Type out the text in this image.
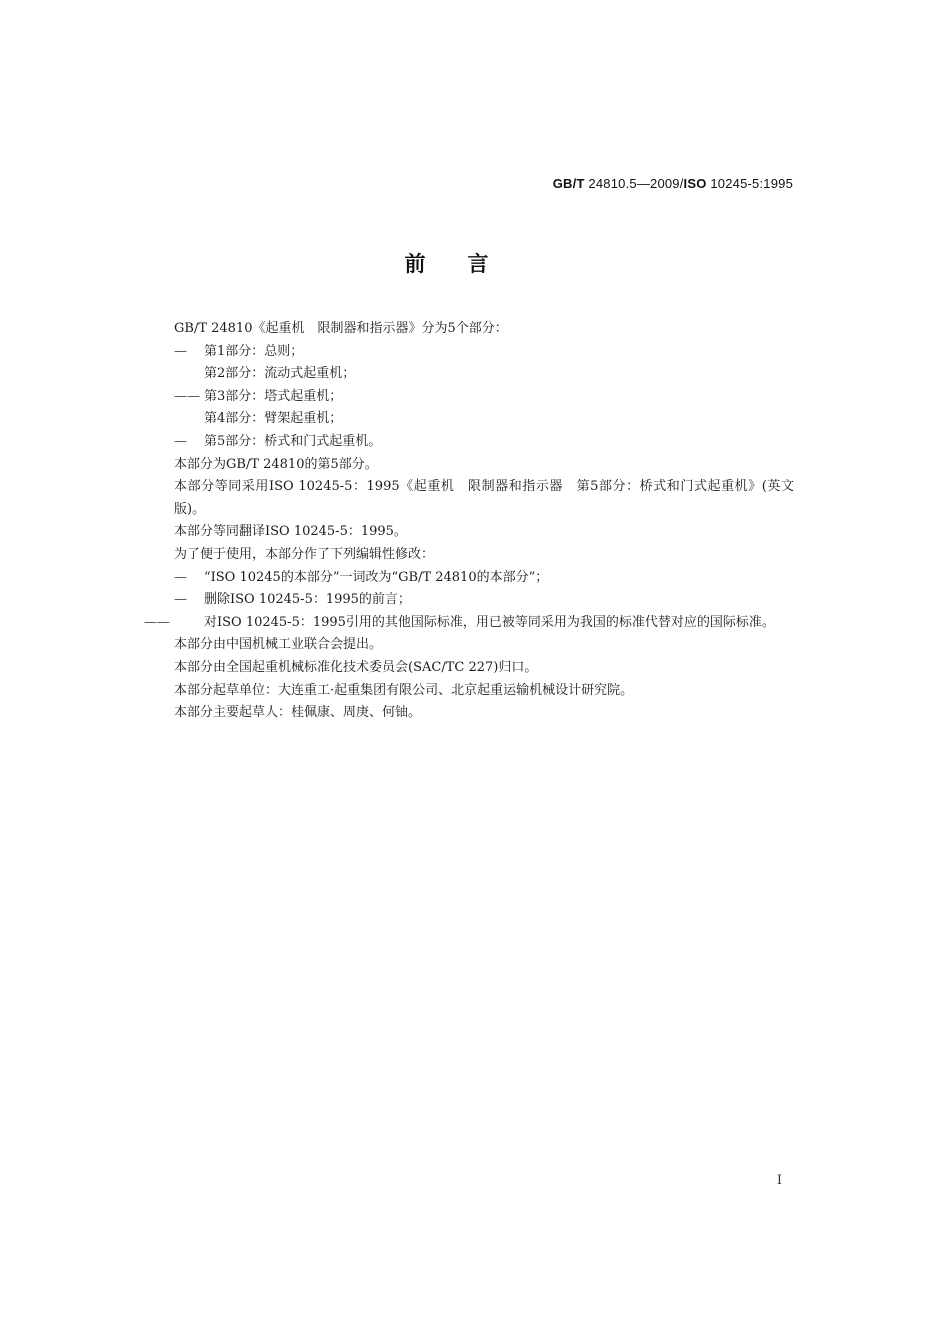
GB/T 24810.5—2009/ISO 10245-5:1995
前言
GB/T 24810《起重机　限制器和指示器》分为5个部分：
— 第1部分：总则；
第2部分：流动式起重机；
—— 第3部分：塔式起重机；
第4部分：臂架起重机；
— 第5部分：桥式和门式起重机。
本部分为GB/T 24810的第5部分。
本部分等同采用ISO 10245-5：1995《起重机　限制器和指示器　第5部分：桥式和门式起重机》(英文版)。
本部分等同翻译ISO 10245-5：1995。
为了便于使用，本部分作了下列编辑性修改：
— “ISO 10245的本部分”一词改为“GB/T 24810的本部分”；
— 删除ISO 10245-5：1995的前言；
——	对ISO 10245-5：1995引用的其他国际标准，用已被等同采用为我国的标准代替对应的国际标准。
本部分由中国机械工业联合会提出。
本部分由全国起重机械标准化技术委员会(SAC/TC 227)归口。
本部分起草单位：大连重工·起重集团有限公司、北京起重运输机械设计研究院。
本部分主要起草人：桂佩康、周庚、何铀。
I
